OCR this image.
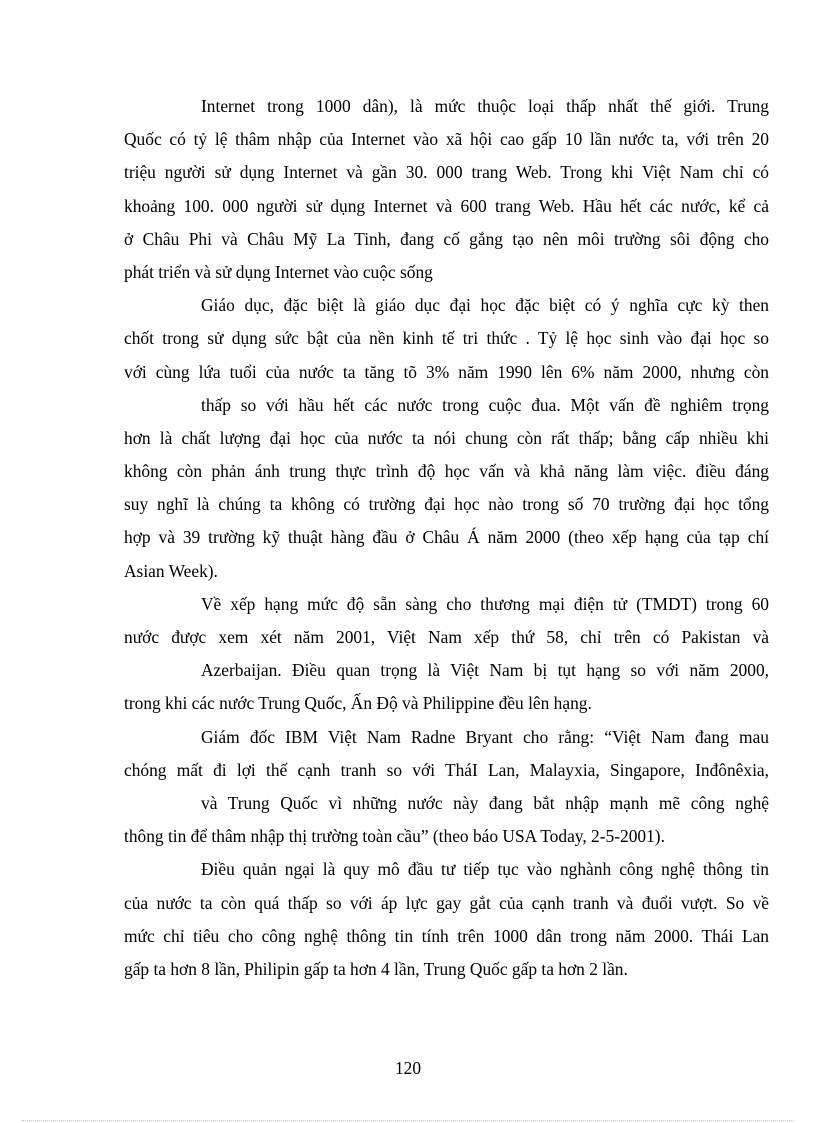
Internet trong 1000 dân), là mức thuộc loại thấp nhất thế giới. Trung
Quốc có tỷ lệ thâm nhập của Internet vào xã hội cao gấp 10 lần nước ta, với trên 20
triệu người sử dụng Internet và gần 30. 000 trang Web. Trong khi Việt Nam chỉ có
khoảng 100. 000 người sử dụng Internet và 600 trang Web. Hầu hết các nước, kể cả
ở Châu Phi và Châu Mỹ La Tinh, đang cố gắng tạo nên môi trường sôi động cho
phát triển và sử dụng Internet vào cuộc sống
Giáo dục, đặc biệt là giáo dục đại học đặc biệt có ý nghĩa cực kỳ then
chốt trong sử dụng sức bật của nền kinh tế tri thức . Tỷ lệ học sinh vào đại học so
với cùng lứa tuổi của nước ta tăng tõ 3% năm 1990 lên 6% năm 2000, nhưng còn
thấp so với hầu hết các nước trong cuộc đua. Một vấn đề nghiêm trọng
hơn là chất lượng đại học của nước ta nói chung còn rất thấp; bằng cấp nhiều khi
không còn phản ánh trung thực trình độ học vấn và khả năng làm việc. điều đáng
suy nghĩ là chúng ta không có trường đại học nào trong số 70 trường đại học tổng
hợp và 39 trường kỹ thuật hàng đầu ở Châu Á năm 2000 (theo xếp hạng của tạp chí
Asian Week).
Về xếp hạng mức độ sẵn sàng cho thương mại điện tử (TMDT) trong 60
nước được xem xét năm 2001, Việt Nam xếp thứ 58, chỉ trên có Pakistan và
Azerbaijan. Điều quan trọng là Việt Nam bị tụt hạng so với năm 2000,
trong khi các nước Trung Quốc, Ấn Độ và Philippine đều lên hạng.
Giám đốc IBM Việt Nam Radne Bryant cho rằng: “Việt Nam đang mau
chóng mất đi lợi thế cạnh tranh so với TháI Lan, Malayxia, Singapore, Inđônêxia,
và Trung Quốc vì những nước này đang bắt nhập mạnh mẽ công nghệ
thông tin để thâm nhập thị trường toàn cầu” (theo báo USA Today, 2-5-2001).
Điều quản ngại là quy mô đầu tư tiếp tục vào nghành công nghệ thông tin
của nước ta còn quá thấp so với áp lực gay gắt của cạnh tranh và đuổi vượt. So về
mức chỉ tiêu cho công nghệ thông tin tính trên 1000 dân trong năm 2000. Thái Lan
gấp ta hơn 8 lần, Philipin gấp ta hơn 4 lần, Trung Quốc gấp ta hơn 2 lần.
120
